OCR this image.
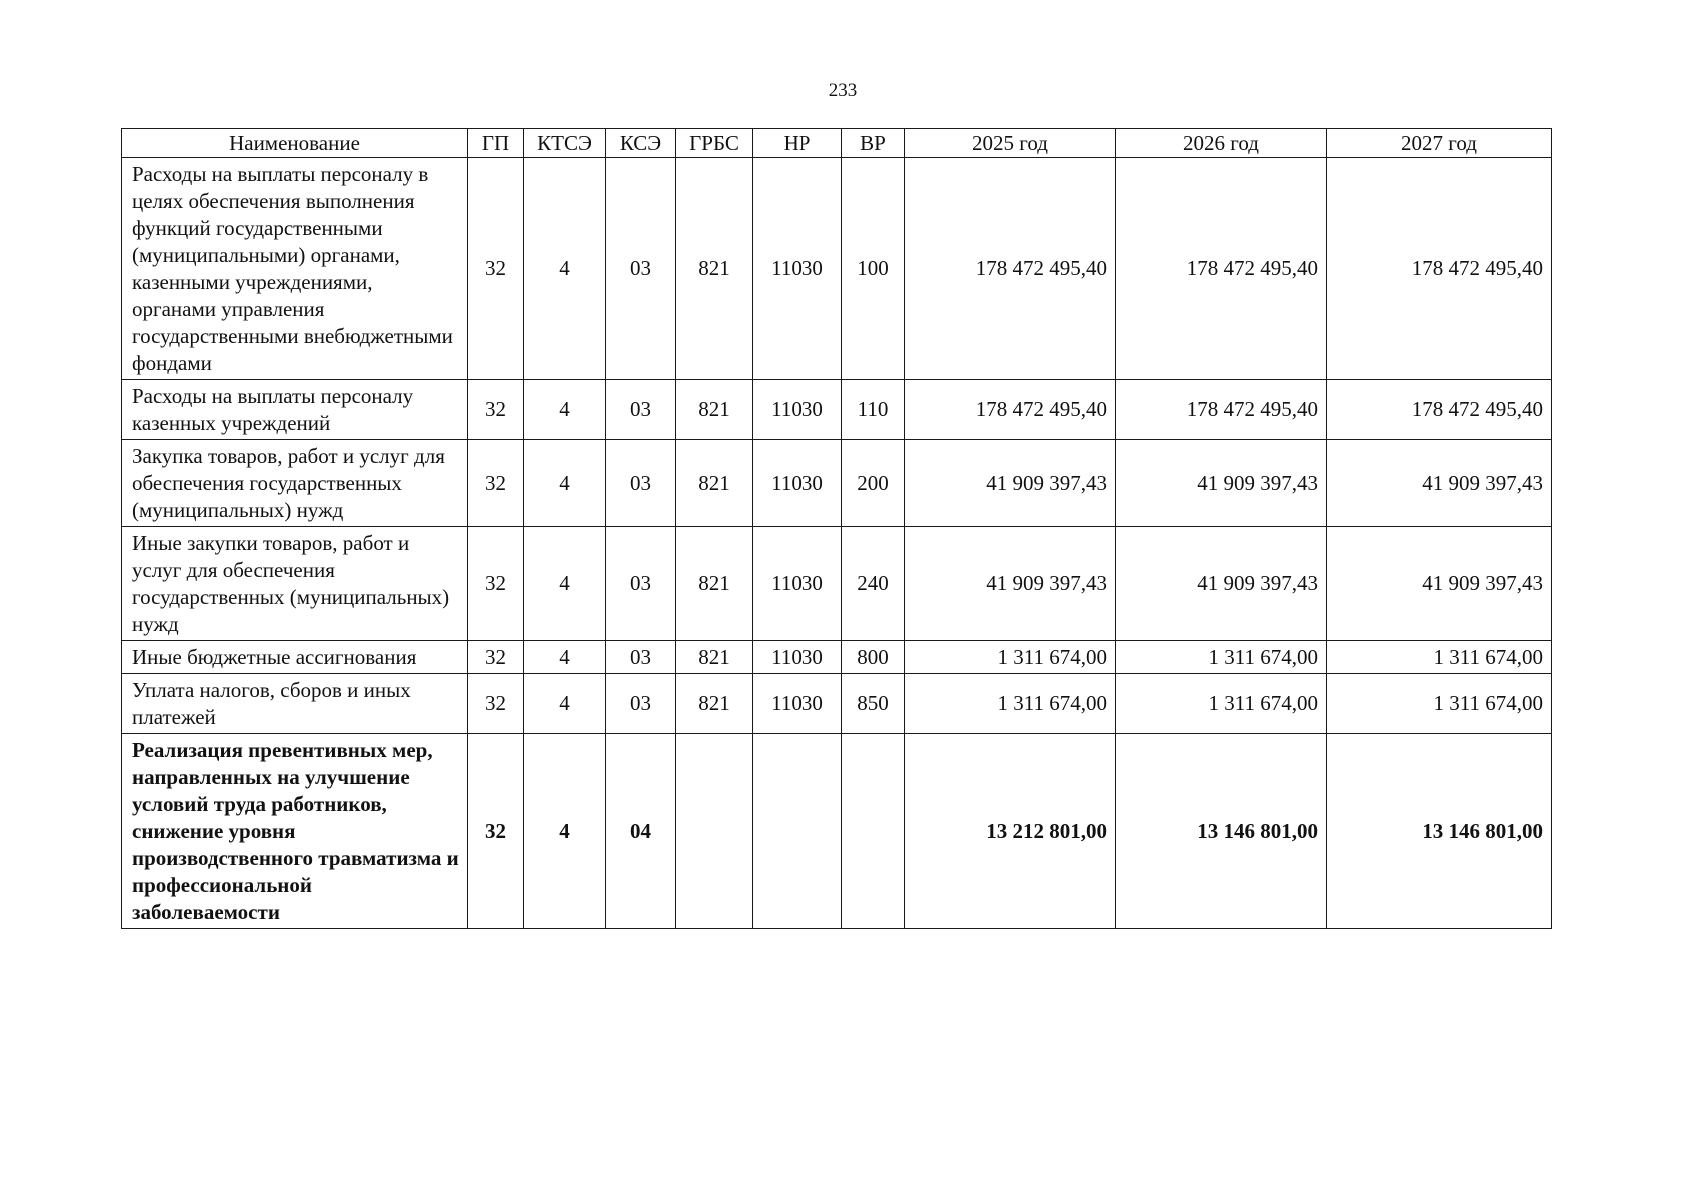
233
Наименование	ГП	КТСЭ	КСЭ	ГРБС	НР	ВР	2025 год	2026 год	2027 год
Расходы на выплаты персоналу в целях обеспечения выполнения функций государственными (муниципальными) органами, казенными учреждениями, органами управления государственными внебюджетными фондами	32	4	03	821	11030	100	178 472 495,40	178 472 495,40	178 472 495,40
Расходы на выплаты персоналу казенных учреждений	32	4	03	821	11030	110	178 472 495,40	178 472 495,40	178 472 495,40
Закупка товаров, работ и услуг для обеспечения государственных (муниципальных) нужд	32	4	03	821	11030	200	41 909 397,43	41 909 397,43	41 909 397,43
Иные закупки товаров, работ и услуг для обеспечения государственных (муниципальных) нужд	32	4	03	821	11030	240	41 909 397,43	41 909 397,43	41 909 397,43
Иные бюджетные ассигнования	32	4	03	821	11030	800	1 311 674,00	1 311 674,00	1 311 674,00
Уплата налогов, сборов и иных платежей	32	4	03	821	11030	850	1 311 674,00	1 311 674,00	1 311 674,00
Реализация превентивных мер, направленных на улучшение условий труда работников, снижение уровня производственного травматизма и профессиональной заболеваемости	32	4	04				13 212 801,00	13 146 801,00	13 146 801,00
